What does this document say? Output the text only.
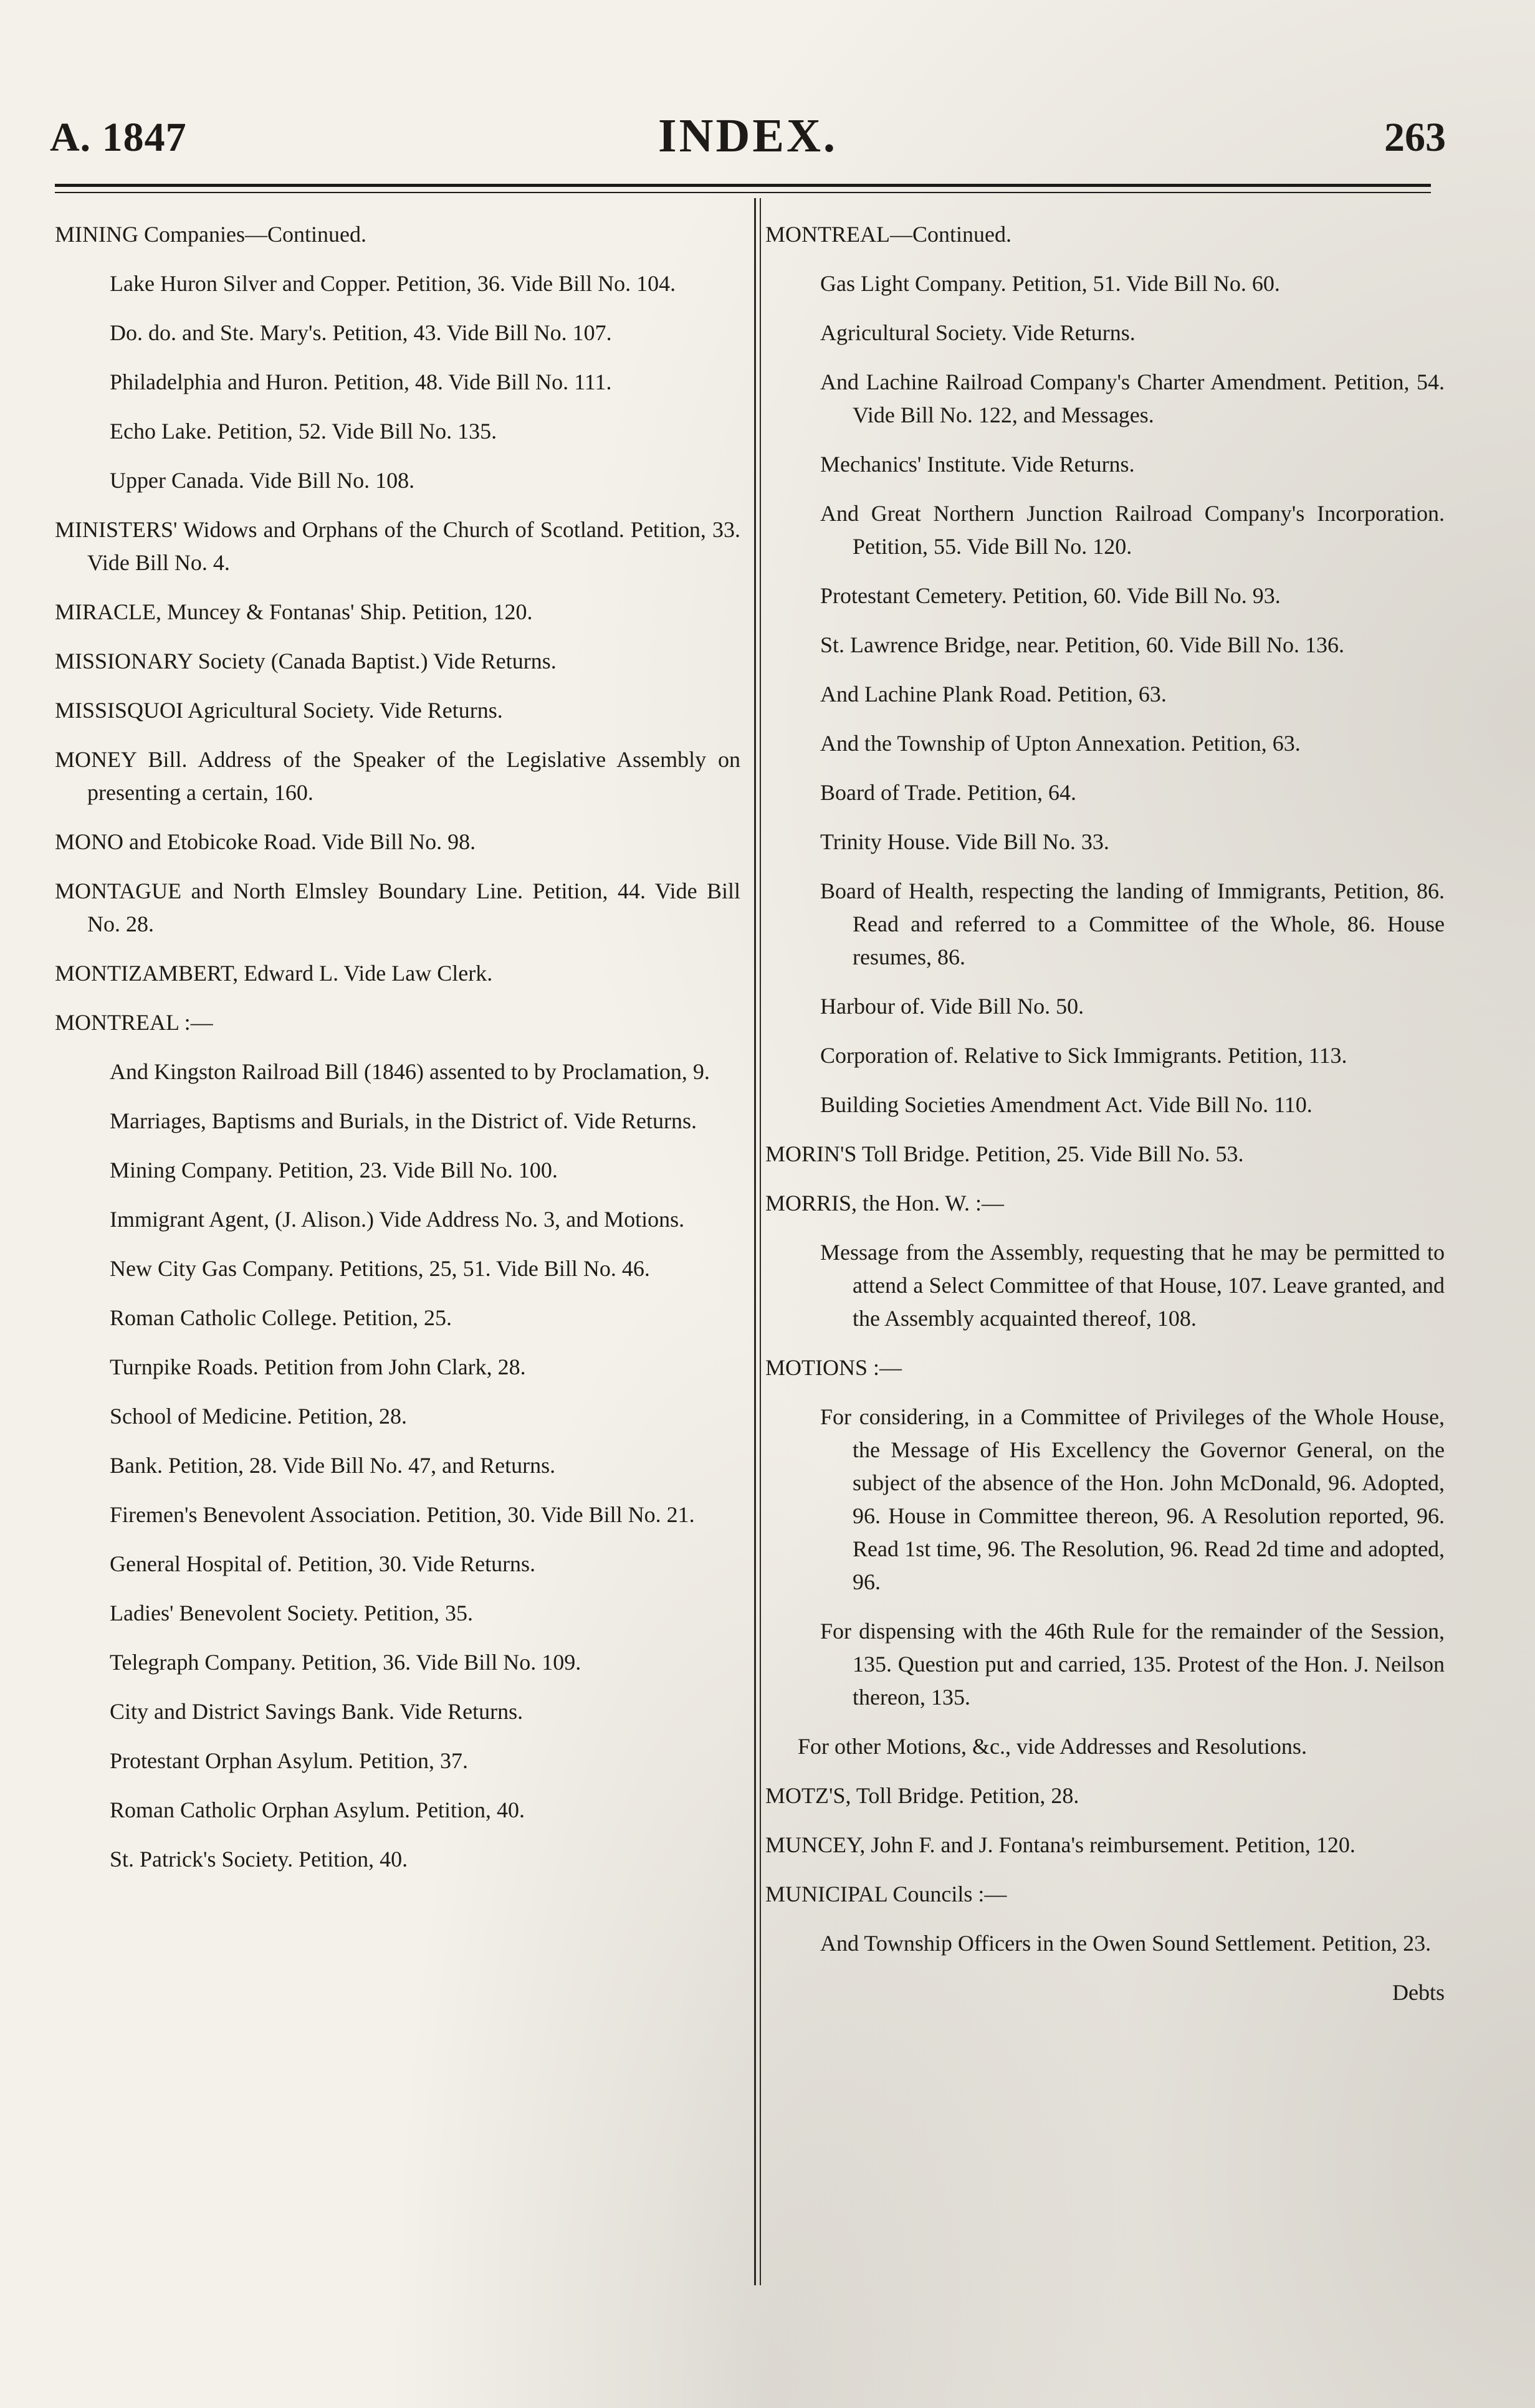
A. 1847	INDEX.	263
MINING Companies—Continued.
Lake Huron Silver and Copper. Petition, 36. Vide Bill No. 104.
Do. do. and Ste. Mary's. Petition, 43. Vide Bill No. 107.
Philadelphia and Huron. Petition, 48. Vide Bill No. 111.
Echo Lake. Petition, 52. Vide Bill No. 135.
Upper Canada. Vide Bill No. 108.
MINISTERS' Widows and Orphans of the Church of Scotland. Petition, 33. Vide Bill No. 4.
MIRACLE, Muncey & Fontanas' Ship. Petition, 120.
MISSIONARY Society (Canada Baptist.) Vide Returns.
MISSISQUOI Agricultural Society. Vide Returns.
MONEY Bill. Address of the Speaker of the Legislative Assembly on presenting a certain, 160.
MONO and Etobicoke Road. Vide Bill No. 98.
MONTAGUE and North Elmsley Boundary Line. Petition, 44. Vide Bill No. 28.
MONTIZAMBERT, Edward L. Vide Law Clerk.
MONTREAL :—
And Kingston Railroad Bill (1846) assented to by Proclamation, 9.
Marriages, Baptisms and Burials, in the District of. Vide Returns.
Mining Company. Petition, 23. Vide Bill No. 100.
Immigrant Agent, (J. Alison.) Vide Address No. 3, and Motions.
New City Gas Company. Petitions, 25, 51. Vide Bill No. 46.
Roman Catholic College. Petition, 25.
Turnpike Roads. Petition from John Clark, 28.
School of Medicine. Petition, 28.
Bank. Petition, 28. Vide Bill No. 47, and Returns.
Firemen's Benevolent Association. Petition, 30. Vide Bill No. 21.
General Hospital of. Petition, 30. Vide Returns.
Ladies' Benevolent Society. Petition, 35.
Telegraph Company. Petition, 36. Vide Bill No. 109.
City and District Savings Bank. Vide Returns.
Protestant Orphan Asylum. Petition, 37.
Roman Catholic Orphan Asylum. Petition, 40.
St. Patrick's Society. Petition, 40.
MONTREAL—Continued.
Gas Light Company. Petition, 51. Vide Bill No. 60.
Agricultural Society. Vide Returns.
And Lachine Railroad Company's Charter Amendment. Petition, 54. Vide Bill No. 122, and Messages.
Mechanics' Institute. Vide Returns.
And Great Northern Junction Railroad Company's Incorporation. Petition, 55. Vide Bill No. 120.
Protestant Cemetery. Petition, 60. Vide Bill No. 93.
St. Lawrence Bridge, near. Petition, 60. Vide Bill No. 136.
And Lachine Plank Road. Petition, 63.
And the Township of Upton Annexation. Petition, 63.
Board of Trade. Petition, 64.
Trinity House. Vide Bill No. 33.
Board of Health, respecting the landing of Immigrants, Petition, 86. Read and referred to a Committee of the Whole, 86. House resumes, 86.
Harbour of. Vide Bill No. 50.
Corporation of. Relative to Sick Immigrants. Petition, 113.
Building Societies Amendment Act. Vide Bill No. 110.
MORIN'S Toll Bridge. Petition, 25. Vide Bill No. 53.
MORRIS, the Hon. W. :—
Message from the Assembly, requesting that he may be permitted to attend a Select Committee of that House, 107. Leave granted, and the Assembly acquainted thereof, 108.
MOTIONS :—
For considering, in a Committee of Privileges of the Whole House, the Message of His Excellency the Governor General, on the subject of the absence of the Hon. John McDonald, 96. Adopted, 96. House in Committee thereon, 96. A Resolution reported, 96. Read 1st time, 96. The Resolution, 96. Read 2d time and adopted, 96.
For dispensing with the 46th Rule for the remainder of the Session, 135. Question put and carried, 135. Protest of the Hon. J. Neilson thereon, 135.
For other Motions, &c., vide Addresses and Resolutions.
MOTZ'S, Toll Bridge. Petition, 28.
MUNCEY, John F. and J. Fontana's reimbursement. Petition, 120.
MUNICIPAL Councils :—
And Township Officers in the Owen Sound Settlement. Petition, 23.
Debts
